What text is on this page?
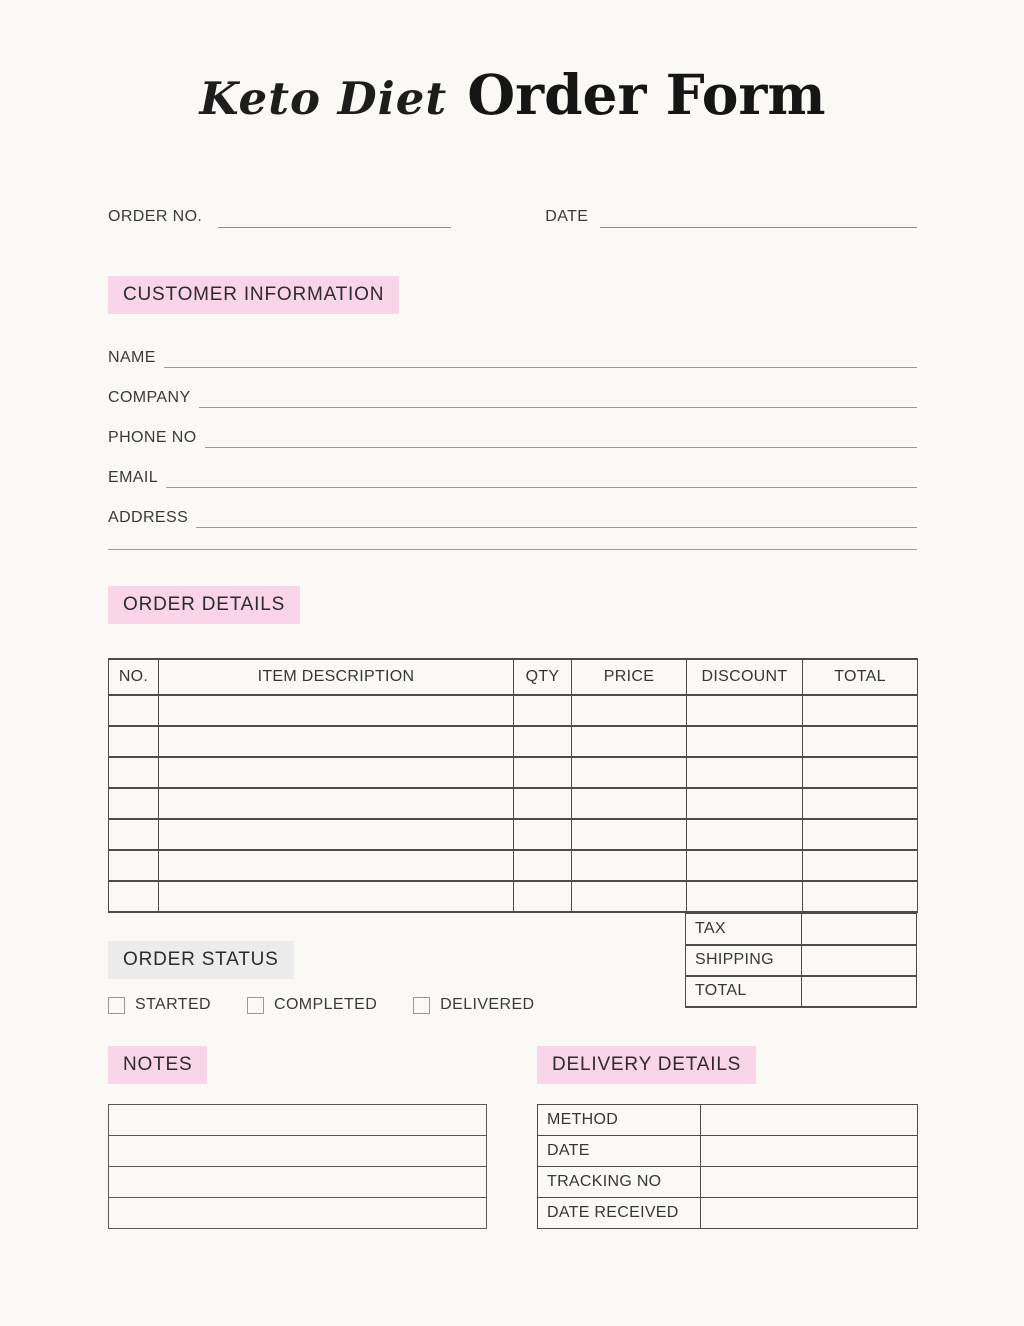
Keto Diet Order Form
ORDER NO.	DATE
CUSTOMER INFORMATION
NAME
COMPANY
PHONE NO
EMAIL
ADDRESS
ORDER DETAILS
NO.	ITEM DESCRIPTION	QTY	PRICE	DISCOUNT	TOTAL

ORDER STATUS
STARTED	COMPLETED	DELIVERED
TAX	
SHIPPING	
TOTAL	
NOTES	DELIVERY DETAILS
METHOD	
DATE	
TRACKING NO	
DATE RECEIVED	
